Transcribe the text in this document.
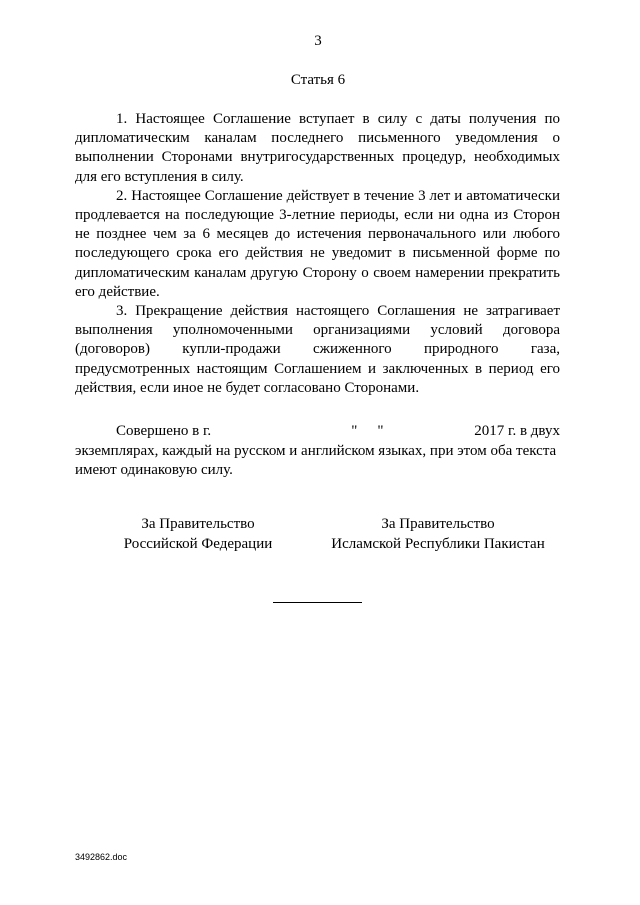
3
Статья 6

1. Настоящее Соглашение вступает в силу с даты получения по дипломатическим каналам последнего письменного уведомления о выполнении Сторонами внутригосударственных процедур, необходимых для его вступления в силу.

2. Настоящее Соглашение действует в течение 3 лет и автоматически продлевается на последующие 3-летние периоды, если ни одна из Сторон не позднее чем за 6 месяцев до истечения первоначального или любого последующего срока его действия не уведомит в письменной форме по дипломатическим каналам другую Сторону о своем намерении прекратить его действие.

3. Прекращение действия настоящего Соглашения не затрагивает выполнения уполномоченными организациями условий договора (договоров) купли-продажи сжиженного природного газа, предусмотренных настоящим Соглашением и заключенных в период его действия, если иное не будет согласовано Сторонами.

Совершено в г.	" "	2017 г. в двух

экземплярах, каждый на русском и английском языках, при этом оба текста имеют одинаковую силу.

За Правительство
Российской Федерации
За Правительство
Исламской Республики Пакистан
3492862.doc
